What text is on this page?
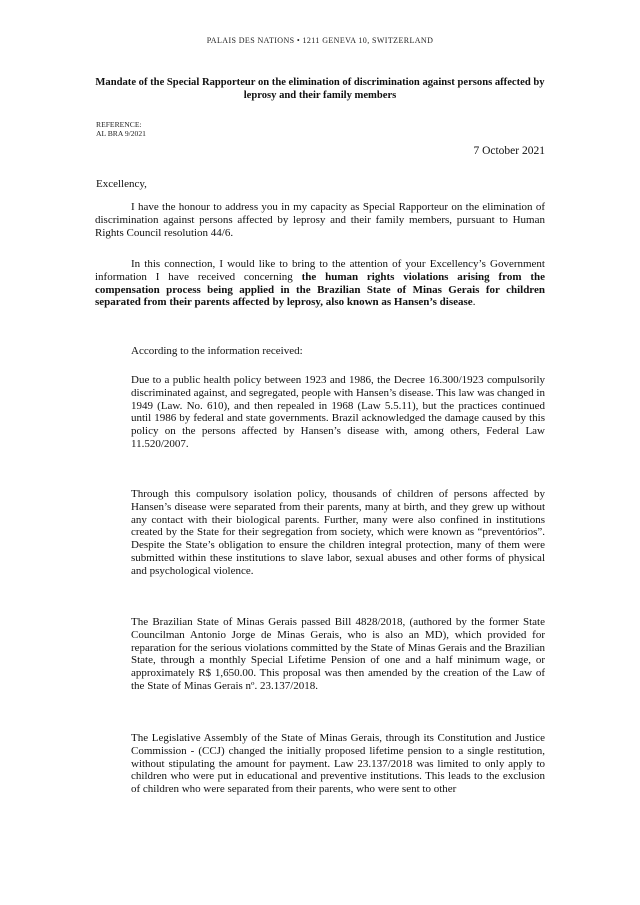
PALAIS DES NATIONS • 1211 GENEVA 10, SWITZERLAND
Mandate of the Special Rapporteur on the elimination of discrimination against persons affected by leprosy and their family members
REFERENCE:
AL BRA 9/2021
7 October 2021
Excellency,
I have the honour to address you in my capacity as Special Rapporteur on the elimination of discrimination against persons affected by leprosy and their family members, pursuant to Human Rights Council resolution 44/6.
In this connection, I would like to bring to the attention of your Excellency’s Government information I have received concerning the human rights violations arising from the compensation process being applied in the Brazilian State of Minas Gerais for children separated from their parents affected by leprosy, also known as Hansen’s disease.
According to the information received:
Due to a public health policy between 1923 and 1986, the Decree 16.300/1923 compulsorily discriminated against, and segregated, people with Hansen’s disease. This law was changed in 1949 (Law. No. 610), and then repealed in 1968 (Law 5.5.11), but the practices continued until 1986 by federal and state governments. Brazil acknowledged the damage caused by this policy on the persons affected by Hansen’s disease with, among others, Federal Law 11.520/2007.
Through this compulsory isolation policy, thousands of children of persons affected by Hansen’s disease were separated from their parents, many at birth, and they grew up without any contact with their biological parents. Further, many were also confined in institutions created by the State for their segregation from society, which were known as “preventórios”. Despite the State’s obligation to ensure the children integral protection, many of them were submitted within these institutions to slave labor, sexual abuses and other forms of physical and psychological violence.
The Brazilian State of Minas Gerais passed Bill 4828/2018, (authored by the former State Councilman Antonio Jorge de Minas Gerais, who is also an MD), which provided for reparation for the serious violations committed by the State of Minas Gerais and the Brazilian State, through a monthly Special Lifetime Pension of one and a half minimum wage, or approximately R$ 1,650.00. This proposal was then amended by the creation of the Law of the State of Minas Gerais nº. 23.137/2018.
The Legislative Assembly of the State of Minas Gerais, through its Constitution and Justice Commission - (CCJ) changed the initially proposed lifetime pension to a single restitution, without stipulating the amount for payment. Law 23.137/2018 was limited to only apply to children who were put in educational and preventive institutions. This leads to the exclusion of children who were separated from their parents, who were sent to other
